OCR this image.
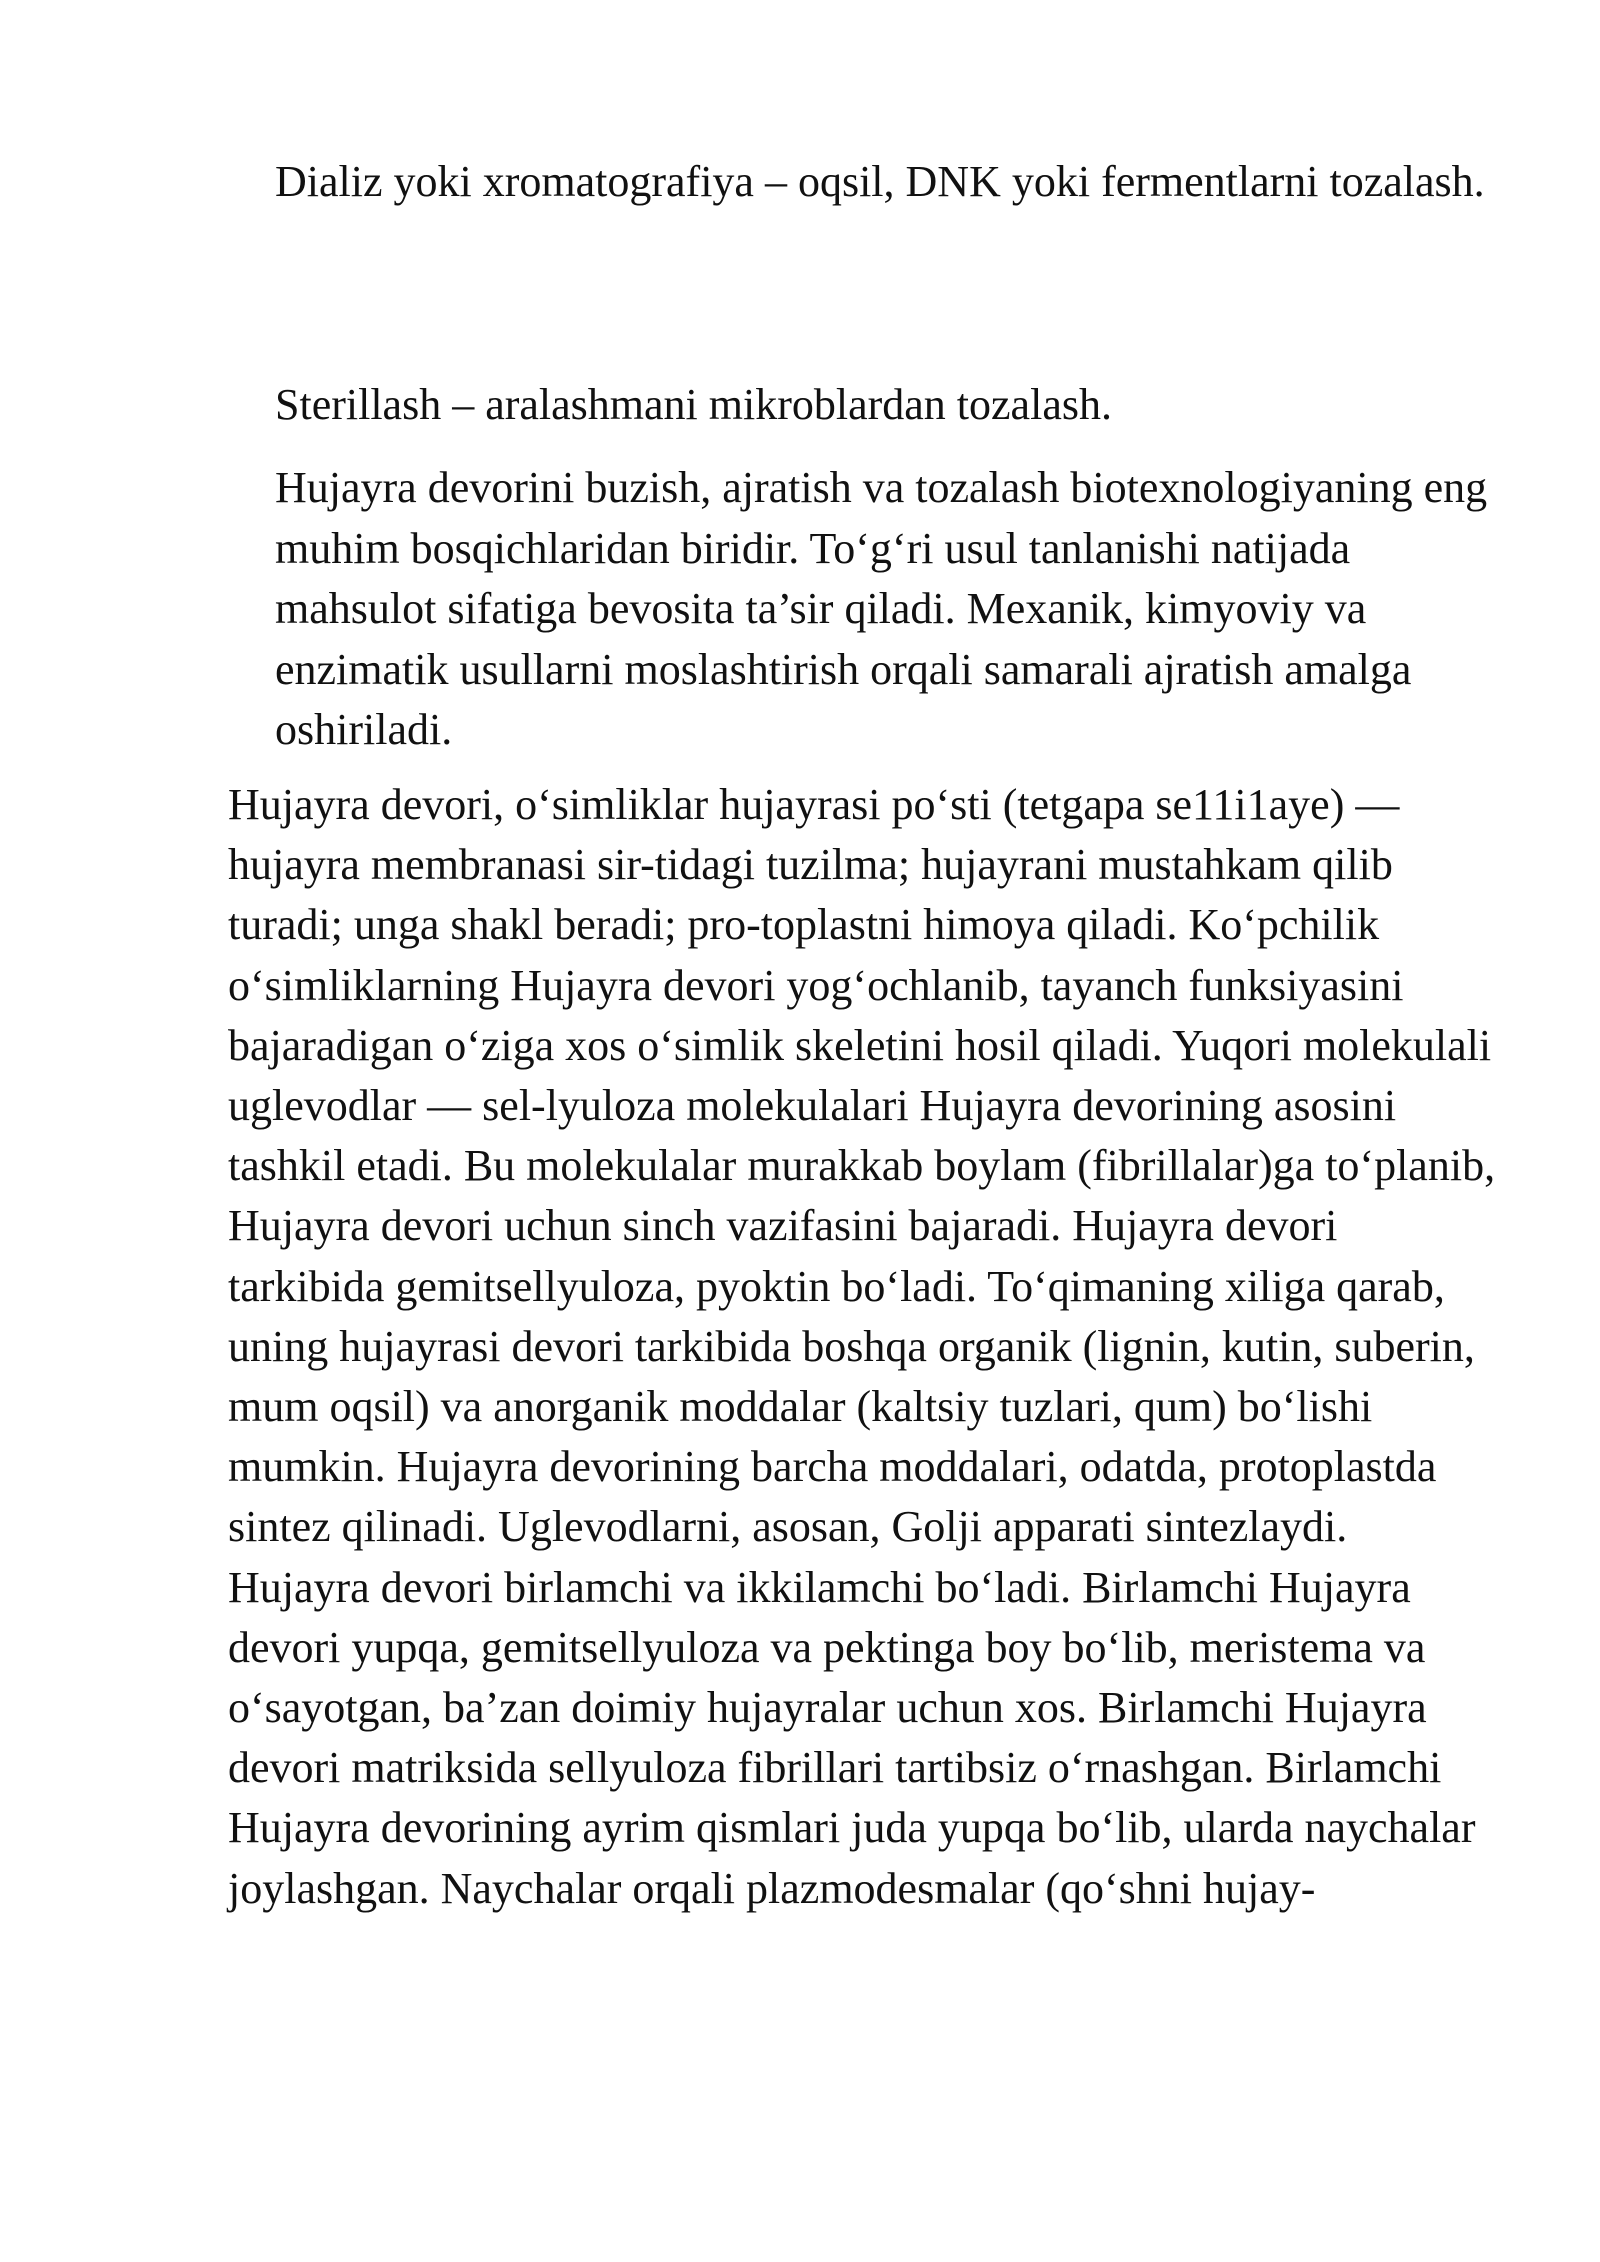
Dializ yoki xromatografiya – oqsil, DNK yoki fermentlarni tozalash.

Sterillash – aralashmani mikroblardan tozalash.

Hujayra devorini buzish, ajratish va tozalash biotexnologiyaning eng muhim bosqichlaridan biridir. To‘g‘ri usul tanlanishi natijada mahsulot sifatiga bevosita ta’sir qiladi. Mexanik, kimyoviy va enzimatik usullarni moslashtirish orqali samarali ajratish amalga oshiriladi.

Hujayra devori, o‘simliklar hujayrasi po‘sti (tetgapa se11i1aye) — hujayra membranasi sir-tidagi tuzilma; hujayrani mustahkam qilib turadi; unga shakl beradi; pro-toplastni himoya qiladi. Ko‘pchilik o‘simliklarning Hujayra devori yog‘ochlanib, tayanch funksiyasini bajaradigan o‘ziga xos o‘simlik skeletini hosil qiladi. Yuqori molekulali uglevodlar — sel-lyuloza molekulalari Hujayra devorining asosini tashkil etadi. Bu molekulalar murakkab boylam (fibrillalar)ga to‘planib, Hujayra devori uchun sinch vazifasini bajaradi. Hujayra devori tarkibida gemitsellyuloza, pyoktin bo‘ladi. To‘qimaning xiliga qarab, uning hujayrasi devori tarkibida boshqa organik (lignin, kutin, suberin, mum oqsil) va anorganik moddalar (kaltsiy tuzlari, qum) bo‘lishi mumkin. Hujayra devorining barcha moddalari, odatda, protoplastda sintez qilinadi. Uglevodlarni, asosan, Golji apparati sintezlaydi. Hujayra devori birlamchi va ikkilamchi bo‘ladi. Birlamchi Hujayra devori yupqa, gemitsellyuloza va pektinga boy bo‘lib, meristema va o‘sayotgan, ba’zan doimiy hujayralar uchun xos. Birlamchi Hujayra devori matriksida sellyuloza fibrillari tartibsiz o‘rnashgan. Birlamchi Hujayra devorining ayrim qismlari juda yupqa bo‘lib, ularda naychalar joylashgan. Naychalar orqali plazmodesmalar (qo‘shni hujay-
